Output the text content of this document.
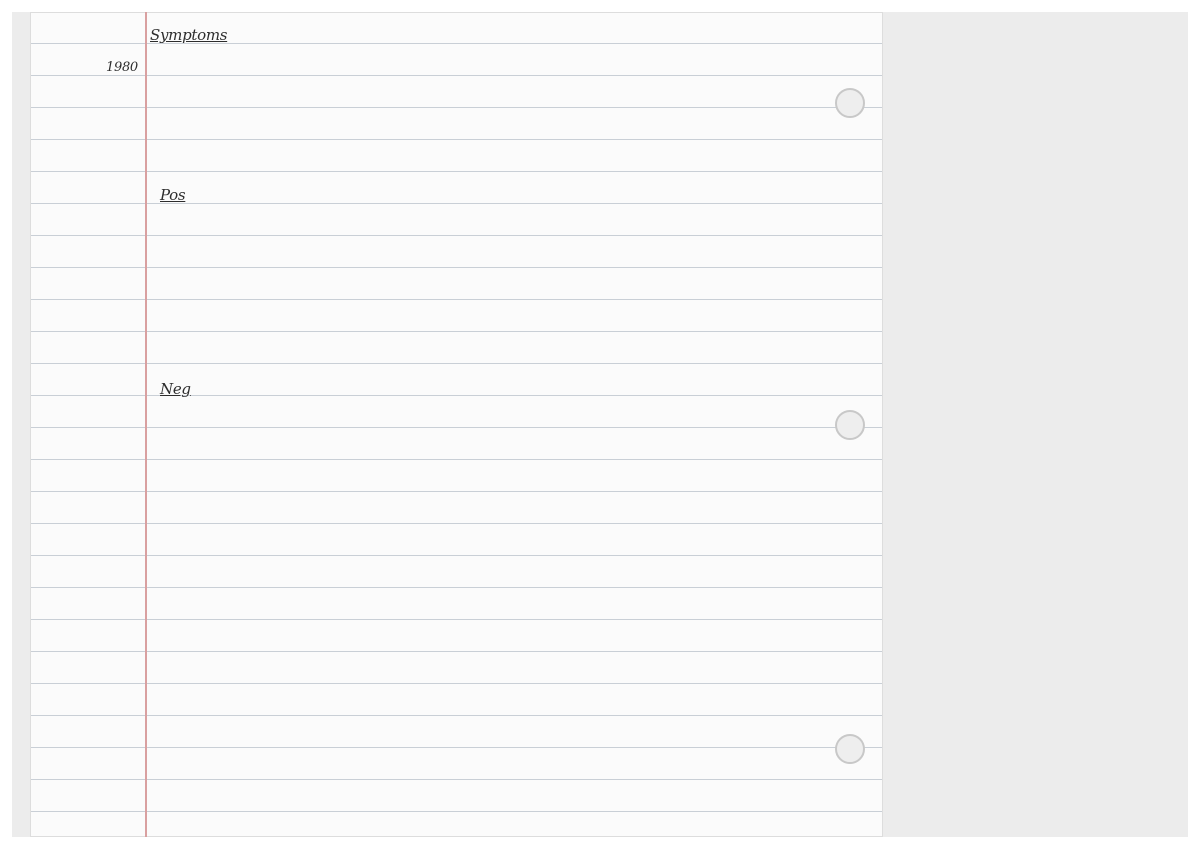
Symptoms
1980
Pos
Neg
